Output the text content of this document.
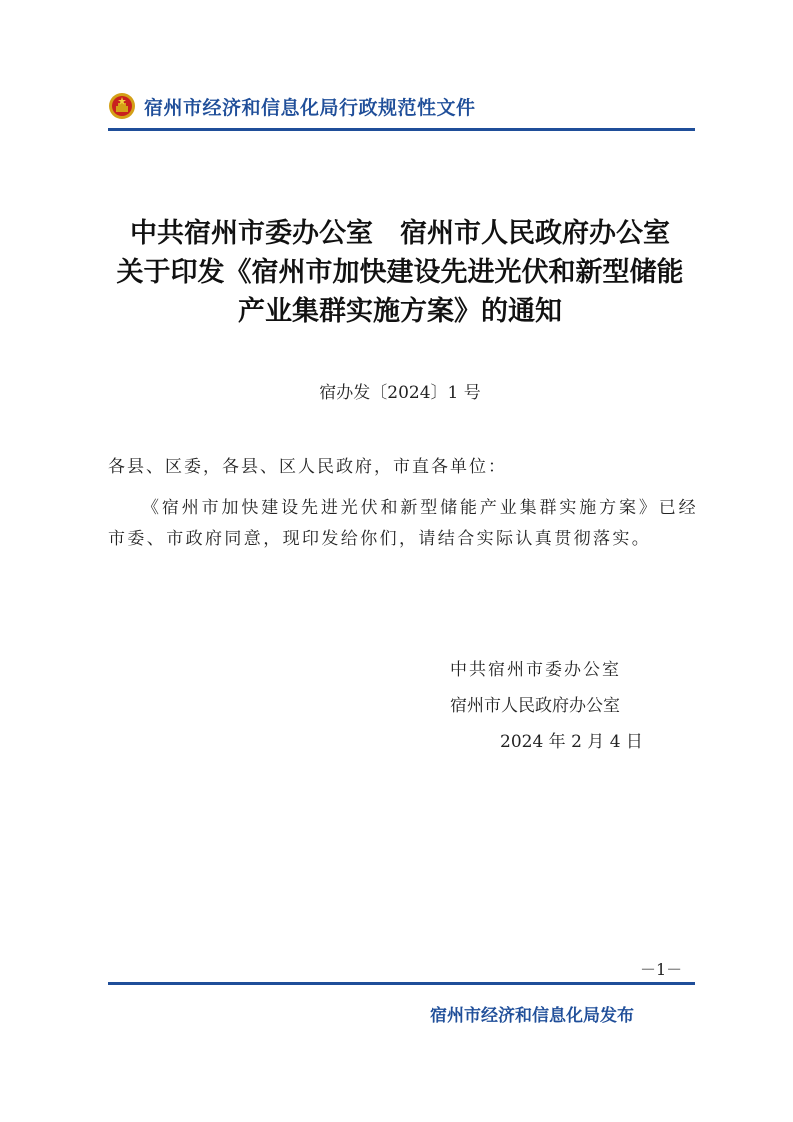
宿州市经济和信息化局行政规范性文件
中共宿州市委办公室　宿州市人民政府办公室
关于印发《宿州市加快建设先进光伏和新型储能
产业集群实施方案》的通知
宿办发〔2024〕1 号
各县、区委，各县、区人民政府，市直各单位：
《宿州市加快建设先进光伏和新型储能产业集群实施方案》已经市委、市政府同意，现印发给你们，请结合实际认真贯彻落实。
中共宿州市委办公室
宿州市人民政府办公室
2024 年 2 月 4 日
－1－
宿州市经济和信息化局发布
